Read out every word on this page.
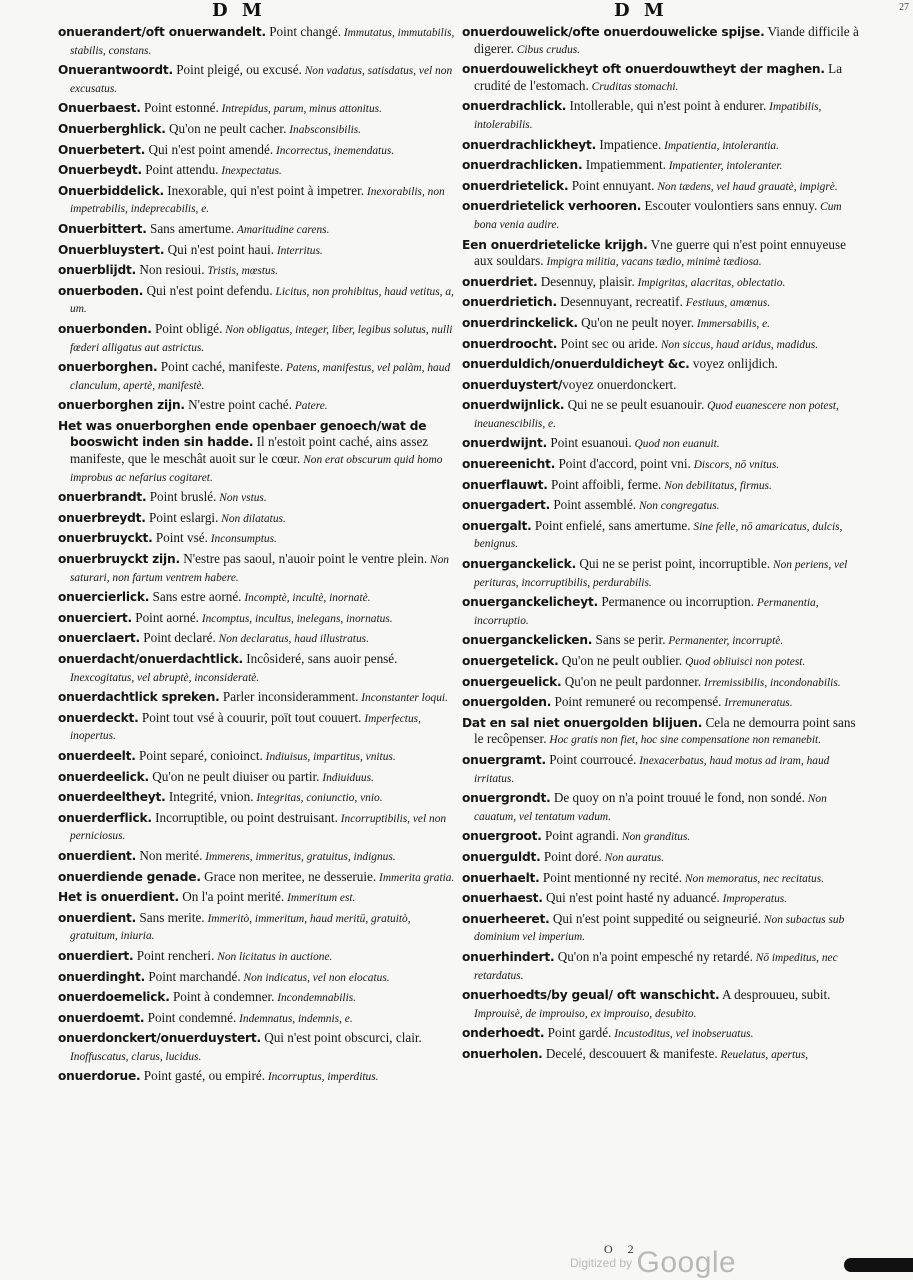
D M	D M	27
onuerandert/oft onuerwandelt. Point changé. Immutatus, immutabilis, stabilis, constans.
Onuerantwoordt. Point pleigé, ou excusé. Non vadatus, satisdatus, vel non excusatus.
Onuerbaest. Point estonné. Intrepidus, parum, minus attonitus.
Onuerberghlick. Qu'on ne peult cacher. Inabsconsibilis.
Onuerbetert. Qui n'est point amendé. Incorrectus, inemendatus.
Onuerbeydt. Point attendu. Inexpectatus.
Onuerbiddelick. Inexorable, qui n'est point à impetrer. Inexorabilis, non impetrabilis, indeprecabilis, e.
Onuerbittert. Sans amertume. Amaritudine carens.
Onuerbluystert. Qui n'est point haui. Interritus.
onuerblijdt. Non resioui. Tristis, mœstus.
onuerboden. Qui n'est point defendu. Licitus, non prohibitus, haud vetitus, a, um.
onuerbonden. Point obligé. Non obligatus, integer, liber, legibus solutus, nulli fœderi alligatus aut astrictus.
onuerborghen. Point caché, manifeste. Patens, manifestus, vel palàm, haud clanculum, apertè, manifestè.
onuerborghen zijn. N'estre point caché. Patere.
Het was onuerborghen ende openbaer genoech/wat de booswicht inden sin hadde. Il n'estoit point caché, ains assez manifeste, que le meschât auoit sur le cœur. Non erat obscurum quid homo improbus ac nefarius cogitaret.
onuerbrandt. Point bruslé. Non vstus.
onuerbreydt. Point eslargi. Non dilatatus.
onuerbruyckt. Point vsé. Inconsumptus.
onuerbruyckt zijn. N'estre pas saoul, n'auoir point le ventre plein. Non saturari, non fartum ventrem habere.
onuercierlick. Sans estre aorné. Incomptè, incultè, inornatè.
onuerciert. Point aorné. Incomptus, incultus, inelegans, inornatus.
onuerclaert. Point declaré. Non declaratus, haud illustratus.
onuerdacht/onuerdachtlick. Incôsideré, sans auoir pensé. Inexcogitatus, vel abruptè, inconsideratè.
onuerdachtlick spreken. Parler inconsideramment. Inconstanter loqui.
onuerdeckt. Point tout vsé à couurir, poït tout couuert. Imperfectus, inopertus.
onuerdeelt. Point separé, conioinct. Indiuisus, impartitus, vnitus.
onuerdeelick. Qu'on ne peult diuiser ou partir. Indiuiduus.
onuerdeeltheyt. Integrité, vnion. Integritas, coniunctio, vnio.
onuerderflick. Incorruptible, ou point destruisant. Incorruptibilis, vel non perniciosus.
onuerdient. Non merité. Immerens, immeritus, gratuitus, indignus.
onuerdiende genade. Grace non meritee, ne desseruie. Immerita gratia.
Het is onuerdient. On l'a point merité. Immeritum est.
onuerdient. Sans merite. Immeritò, immeritum, haud meritū, gratuitò, gratuitum, iniuria.
onuerdiert. Point rencheri. Non licitatus in auctione.
onuerdinght. Point marchandé. Non indicatus, vel non elocatus.
onuerdoemelick. Point à condemner. Incondemnabilis.
onuerdoemt. Point condemné. Indemnatus, indemnis, e.
onuerdonckert/onuerduystert. Qui n'est point obscurci, clair. Inoffuscatus, clarus, lucidus.
onuerdorue. Point gasté, ou empiré. Incorruptus, imperditus.
onuerdouwelick/ofte onuerdouwelicke spijse. Viande difficile à digerer. Cibus crudus.
onuerdouwelickheyt oft onuerdouwtheyt der maghen. La crudité de l'estomach. Cruditas stomachi.
onuerdrachlick. Intollerable, qui n'est point à endurer. Impatibilis, intolerabilis.
onuerdrachlickheyt. Impatience. Impatientia, intolerantia.
onuerdrachlicken. Impatiemment. Impatienter, intoleranter.
onuerdrietelick. Point ennuyant. Non tædens, vel haud grauatè, impigrè.
onuerdrietelick verhooren. Escouter voulontiers sans ennuy. Cum bona venia audire.
Een onuerdrietelicke krijgh. Vne guerre qui n'est point ennuyeuse aux souldars. Impigra militia, vacans tædio, minimè tædiosa.
onuerdriet. Desennuy, plaisir. Impigritas, alacritas, oblectatio.
onuerdrietich. Desennuyant, recreatif. Festiuus, amœnus.
onuerdrinckelick. Qu'on ne peult noyer. Immersabilis, e.
onuerdroocht. Point sec ou aride. Non siccus, haud aridus, madidus.
onuerduldich/onuerduldicheyt &c. voyez onlijdich.
onuerduystert/voyez onuerdonckert.
onuerdwijnlick. Qui ne se peult esuanouir. Quod euanescere non potest, ineuanescibilis, e.
onuerdwijnt. Point esuanoui. Quod non euanuit.
onuereenicht. Point d'accord, point vni. Discors, nō vnitus.
onuerflauwt. Point affoibli, ferme. Non debilitatus, firmus.
onuergadert. Point assemblé. Non congregatus.
onuergalt. Point enfielé, sans amertume. Sine felle, nō amaricatus, dulcis, benignus.
onuerganckelick. Qui ne se perist point, incorruptible. Non periens, vel perituras, incorruptibilis, perdurabilis.
onuerganckelicheyt. Permanence ou incorruption. Permanentia, incorruptio.
onuerganckelicken. Sans se perir. Permanenter, incorruptè.
onuergetelick. Qu'on ne peult oublier. Quod obliuisci non potest.
onuergeuelick. Qu'on ne peult pardonner. Irremissibilis, incondonabilis.
onuergolden. Point remuneré ou recompensé. Irremuneratus.
Dat en sal niet onuergolden blijuen. Cela ne demourra point sans le recôpenser. Hoc gratis non fiet, hoc sine compensatione non remanebit.
onuergramt. Point courroucé. Inexacerbatus, haud motus ad iram, haud irritatus.
onuergrondt. De quoy on n'a point trouué le fond, non sondé. Non cauatum, vel tentatum vadum.
onuergroot. Point agrandi. Non granditus.
onuerguldt. Point doré. Non auratus.
onuerhaelt. Point mentionné ny recité. Non memoratus, nec recitatus.
onuerhaest. Qui n'est point hasté ny aduancé. Improperatus.
onuerheeret. Qui n'est point suppedité ou seigneurié. Non subactus sub dominium vel imperium.
onuerhindert. Qu'on n'a point empesché ny retardé. Nō impeditus, nec retardatus.
onuerhoedts/by geual/ oft wanschicht. A desprouueu, subit. Improuisè, de improuiso, ex improuiso, desubito.
onderhoedt. Point gardé. Incustoditus, vel inobseruatus.
onuerholen. Decelé, descouuert & manifeste. Reuelatus, apertus,
O 2
Digitized by Google
